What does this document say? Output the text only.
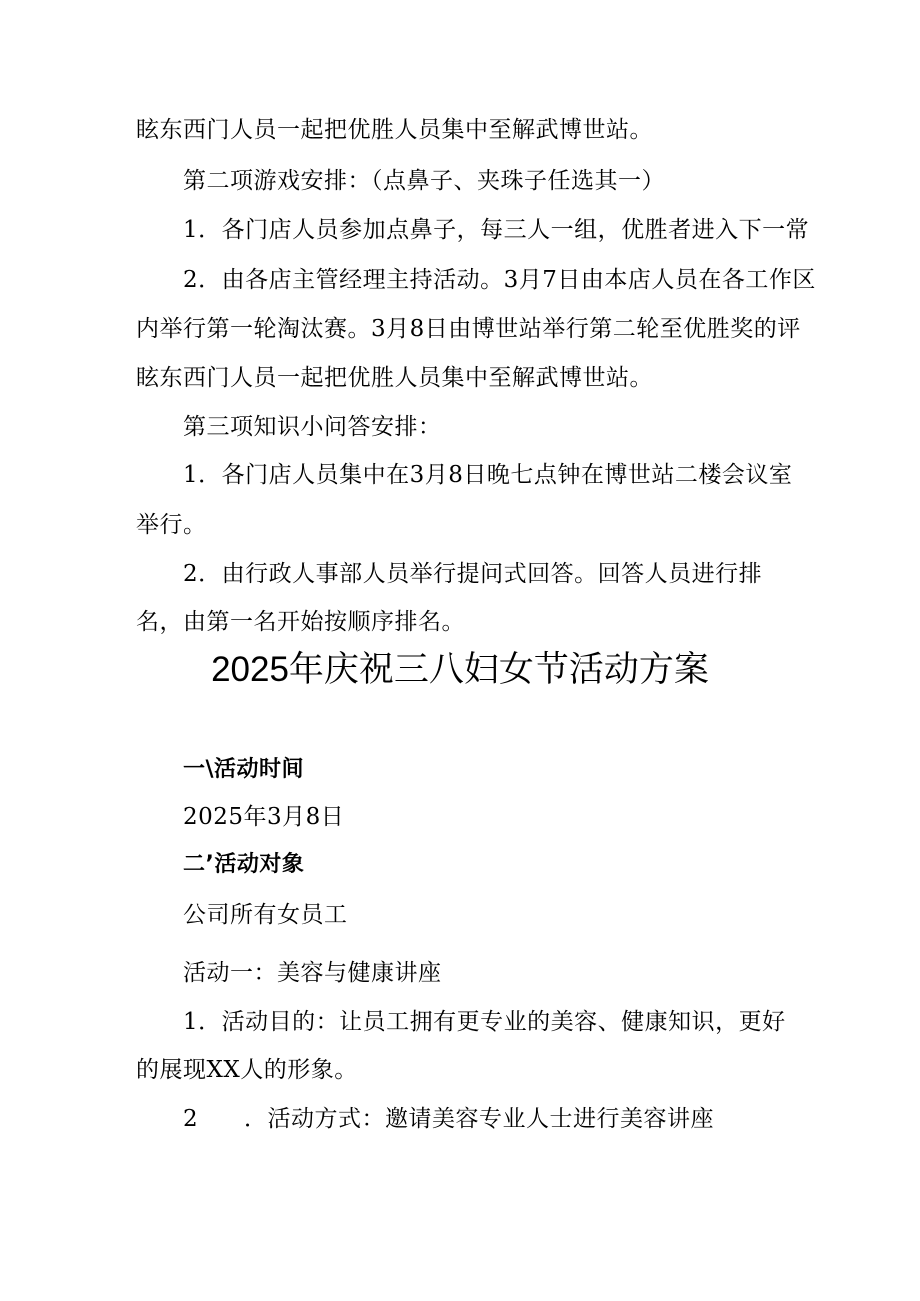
眩东西门人员一起把优胜人员集中至解武博世站。
第二项游戏安排：（点鼻子、夹珠子任选其一）
1．各门店人员参加点鼻子，每三人一组，优胜者进入下一常
2．由各店主管经理主持活动。3月7日由本店人员在各工作区
内举行第一轮淘汰赛。3月8日由博世站举行第二轮至优胜奖的评
眩东西门人员一起把优胜人员集中至解武博世站。
第三项知识小问答安排：
1．各门店人员集中在3月8日晚七点钟在博世站二楼会议室
举行。
2．由行政人事部人员举行提问式回答。回答人员进行排
名，由第一名开始按顺序排名。
2025年庆祝三八妇女节活动方案
一\活动时间
2025年3月8日
二’活动对象
公司所有女员工
活动一：美容与健康讲座
1．活动目的：让员工拥有更专业的美容、健康知识，更好
的展现XX人的形象。
2 ．活动方式：邀请美容专业人士进行美容讲座
